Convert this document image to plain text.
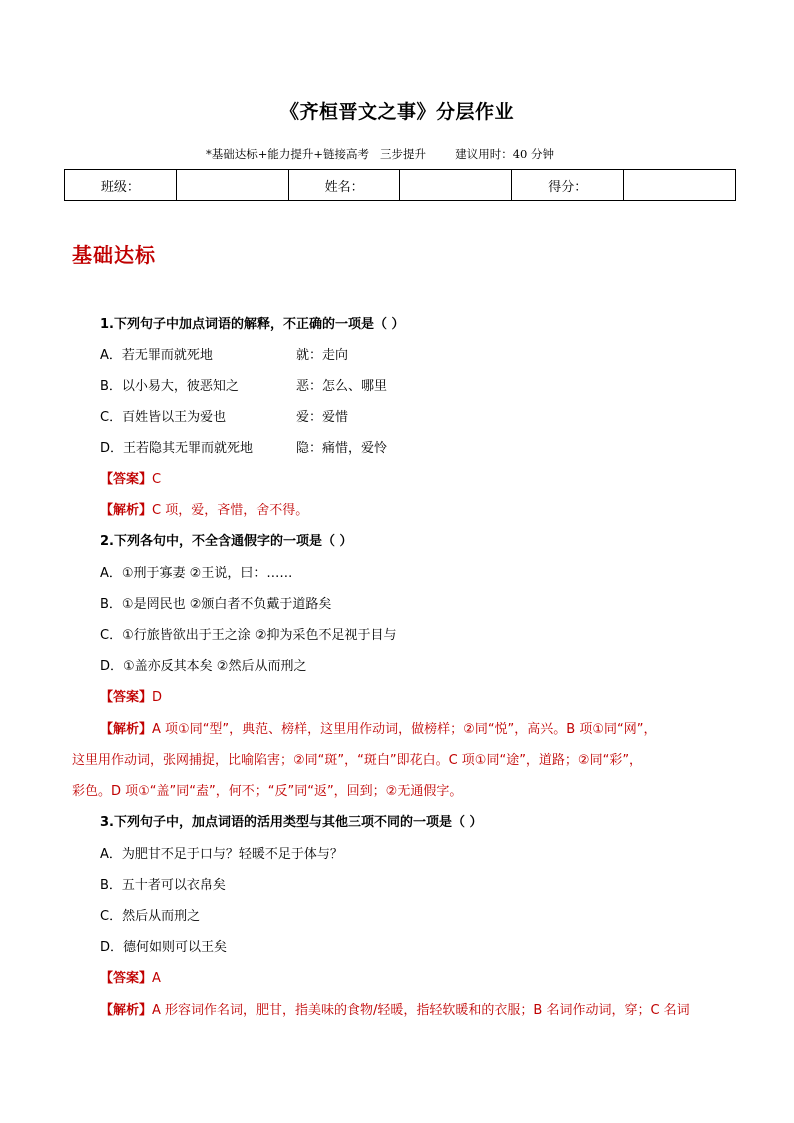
《齐桓晋文之事》分层作业
*基础达标+能力提升+链接高考   三步提升        建议用时：40 分钟
班级：		姓名：		得分：	
基础达标
1.下列句子中加点词语的解释，不正确的一项是（ ）
A．若无罪而就死地	就：走向
B．以小易大，彼恶知之	恶：怎么、哪里
C．百姓皆以王为爱也	爱：爱惜
D．王若隐其无罪而就死地	隐：痛惜，爱怜
【答案】C
【解析】C 项，爱，吝惜，舍不得。
2.下列各句中，不全含通假字的一项是（ ）
A．①刑于寡妻 ②王说，曰：……
B．①是罔民也 ②颁白者不负戴于道路矣
C．①行旅皆欲出于王之涂 ②抑为采色不足视于目与
D．①盖亦反其本矣 ②然后从而刑之
【答案】D
【解析】A 项①同“型”，典范、榜样，这里用作动词，做榜样；②同“悦”，高兴。B 项①同“网”，
这里用作动词，张网捕捉，比喻陷害；②同“斑”，“斑白”即花白。C 项①同“途”，道路；②同“彩”，
彩色。D 项①“盖”同“盍”，何不；“反”同“返”，回到；②无通假字。
3.下列句子中，加点词语的活用类型与其他三项不同的一项是（ ）
A．为肥甘不足于口与？轻暖不足于体与？
B．五十者可以衣帛矣
C．然后从而刑之
D．德何如则可以王矣
【答案】A
【解析】A 形容词作名词，肥甘，指美味的食物/轻暖，指轻软暖和的衣服；B 名词作动词，穿；C 名词
